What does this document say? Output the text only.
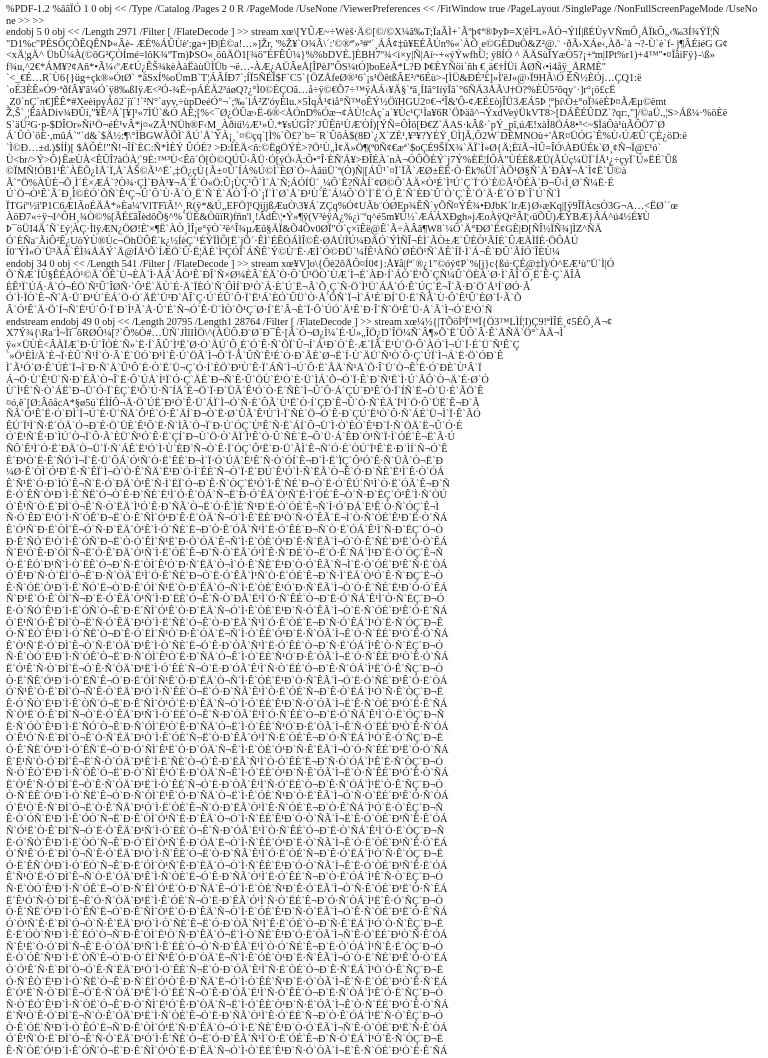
%PDF-1.2 %âãÏÓ 1 0 obj << /Type /Catalog /Pages 2 0 R /PageMode /UseNone /ViewerPreferences << /FitWindow true /PageLayout /SinglePage /NonFullScreenPageMode /UseNone >> >>
endobj 5 0 obj << /Length 2971 /Filter [ /FlateDecode ] >> stream xœ\[YÛÆ~÷Wèš·Ä©[©/©X¼ã‰T;ÏaÃÌ+`Ãºþ¢ª®ÞyÞ=X¦êÌ²L»ÃÓ¬ÝlÍ|ßÉÙyVÑmÔ¸ÅÏkÔ„‹‰3Í¾ŸÏ¦Ñ
"D1%c"PÈSÔÇÕÊQÊNÞ«Âè- ÆÉ%ÁÛÙè':ga+]Ð|È©a!…»]Žr, '%Ž¥`O¾Ã\´:'©®ª'»³#ª´¸ÁÂ¢‡û¥EÉÃÚn%«`ÀÕ¸e©GÈDuÖ&Z²@.¨ ·ðÃ›XÁe‹,Àð-`à ¬?-Ù`è`f- j¶ÂÉiéG G¢
<xÄ¦gÄ^ ÜbÛ¼À(©ôG²ÇÒÍmé=lôK¾ºTm)ÞSO«¸öûÄÖ1[¾ö"ÉFÊÛ¼}%%bDVÉ.]ÈBH7º¾<ì×y|Ñ|Aí~+«ýÝwfhÜ; ý8ÍÓ ^ ÄÄSùÎYæÒ5?¡+ªm|IPt%r1)+4™"•¤ÏåiFÿ}-\ß»
f¾u,^2€*ÁM¥?¢Añ*•Ã¼‹ºÆ¢Ú¿ÊŠ¾kèÀàËàùÜÌÜb ¬ë…-ÀÆ¿AÜÂeÅ[ÎPèJ"ÔS¼tÓ]boEéÃ*L?Ð Þ€ÈYÑöì`ñh €¸ä€†ÍÜi ÅØÑ‹•ì4åÿ_ÅRMÈ"
`<_€É…R`Ù6{}üg+çk®»ÓtØ` *ãSxÍ%oÜmB`T¦ÁÂÍÐ7`;ÍÏ5ÑÉÏ$F`C5`{ÖZÅfeØ®¹6`¡s¹ÖêtßÂE²/ª6Éù>-[ÌÜ&ÐÉ³£]»Ì'ëJ«@›Ï9HÃ\Ó ÉÑ½ÈÓj…ÇQ1:ë
`oÉ3ÈÊ»Ó9·ªðfÂ¥'â¼Ó`ÿ8‰ßIÿÆ<²Ó-¾Ë~pÁÈÄ2³áøQ?¿°Ì0©ÈÇOã…å÷ÿ©€Õ7÷™ÿÅÁ‹¥Ä§`ªã¸ÍIã°IíýÏâ`°6ÑÄ3ÅÃ\J†Ò?%ÈÛ5²õqy¨·]r°¡ö£cË
¸Z0`nÇ`π€]ÊÊ*#XeèipyÁô2`jï`!`²N°`ayv,÷ùpDeéÓ°¬`;‰´lÁ²Z'óyÈlu.×5ÌqÄ¹¢ìå°Ñ™oÊÝ½ÖïHGU2¤€¬ªÎ&'Ô-¢ÆÉ£òjÎÜ3ÆÁ5Þ ¦°þí\Ò±°oÏ¾èÈÞ¤ÃÆµ©ëmt
Ž,Š`¸¦ÊâÀDiv¾ÐÛí,"¥Ê^Ä`[¥]¹«7ÌÜ`&Ó ÅÉ;[%<¯Ø¿ÖÛæ›Ë-6®<ÅÓnD%Óæ¬¢ÀÙ!cÀç`a`¥Ùc¹Ç¹Ìa¥6R`ÖÞäã^¬ÝxdVeýÜkVT8>[DÁÊÉÛDZ`?qr:,"]/©aÜ.,¦S>Áß¼·%öÈë
S`äÜ²G·p-$DÎOr»Ñí¹Ö¬éÉ¹vÂ*j¤«ZÃ¹NÜh®F‹M_Àðiü½Æ¹»Û.*¥sÚGÎ?`JÛÊñ¹ÙÆ'ÒÍ)[ÝÑ=ÔÌö[Ð€Z`ÄAS·kÂß·`pÝ_pî,úÆ!xàÌ8ÖÁ8•³<~$ÏáÔà¹ùÃÔÖ7`Ø
Á`ÛÓ`öÈ·,mûÁ`"`d&`$Ä½:¶\°ÌBGWÃÕÌ`ÅÚ`Å`ÝÀ¡¸`¤©çq`[Ì%`Õ£?`b=`R`ÛõÀ$(8Ð`¿X`ZÉ¹,¥³¥?YÈŸ¸ÜÌ]Ã,Ô2W`DÈMNOù+'ÅR¤ÜÓG`Ê%Ù‹ÚÆÛ`ÇÈ¿öD:ë
`Ì©Ð…±d.)$ÍÍ)[ $ÅÔÉ!"Ñ!¬ÎÍ`ÈC:Ñ*ÌÈÝ ÛÓÉ? >Ð:ÍÈÄ<ñ:©ËgÖÝÈ>?Ö¹Ù„Ì¢Ä»Ö¶(ª0Ñ¢€æª`$oÇÉ9ŠÏX¾`ÄÏ`Ì»Ø{Ä;ÈïÃ¬ÌÛ=ÎÓ\ÀÐÜÉk`Ø¸¢Ñ¬Ï@£¹ó`
Ù<br/>Ý>Ô}ÊæÙÀ<ÊÛÎ?àÓÀ¦`9È:™³Ù<Êô´Ö[Ò©QÚÛ‹ÂÜ·Ó[ýÓ‹Ã:Ô•°Î·ÈÑ'Á¥>ÐÎÉÀ`nÀ¬ÓÔÕÈÝ`j7Ý%ÈË¦ÍÔÀ"ÙÉÈßÆÜ(ÃÚç¼ÜÏ`ÍÅ¹¿÷çyÏ`Ú»ËÉ`Ûß
©ÏMÑ!ÓB1¹Ê`ÀËÕ¿ÌÅ`Ï,Å`ÅŠ©Ã¹^Ë´,‡Ö¿çÙ{Ã±¤Ú`ÍÁ%Ú©Ì`ÈØ`Ó~ÀâüÜ`ª(Ò)Ñ|[ÁÛ¹`¤Ï`ÏÃ`ÆØ±ËÊ·Ò·Ëk%ÜÍ`ÀÕ¹Ø§Ñ`Ä´ÐÀ¥¬Å`Ì¢Ë`Û©à
Ã`"Ö%ÀÙÉ¬Õ¸Ì´É×ÆÁ`?Ò¾·ÇÌ`ÐÀ¹¥¬Å`Ë`Ò«Ö:Û¡ÙÇ¹Ô`Ì`À`Ñ;ÁÓÍÜ`¸¼Ô`Ê?ÑÀÍ`¢Ø©Ô`ÅÄ×Ò¹É`Ì³Ú`Ç`Ï¨Ó`È©Ã¹ÕÉÀ`Ð¬Û‹Ì¸Ø`Ñ¼Ë·É
Ú`Ö¬Ò¹Ê`Ã´Ð¸Ì©ÈÓ`ÕÑ`Ê¹Ç¬Û`Ô`Ù·Ã`Ò¸Ë`Ñ`É`ÄÒ`Î·Ö`¡Ï`Ì`Ø`Å`Ð¹Ù`Ê`Á¼Ô`Ö`Ï`Ë`Ó¸Ê`Ñ`ÈÐ`Û`Ò`Ç`É`Ö`Ä·Ë`Ó`Ð`Î`Ú`Ñ`Ì
ÏTGíº½i'P1C6ÆIÃoÉÄÅ*»Èa¼'VlTFïÃ!^¸R(ÿ*&Ú„EFÖ]¹QìjjßÆuÒ\3¥Á`ZÇq%Ó¢UÃb¨ÓØEp¾ÊÑ`yÕÑ¤ÝÊ¾•ÐJbK´lrÆ}Ø›æKq|[ÿ9ÎÏÀcsÒ3G¬A…<ËØ`´œ
ÀöÐ7«÷ÿ¬I^ÔH¸¾Ò©%[ÃÉ£ãÎèdôÕ§^%`ÜÉ&ÒûïR)fñn'l¸!ÂdÊ\¦•Ý»¶ÿ(V³èÿA¿%¿ì¨ºq^é5m¥Ù½`ÆÁÁXÐgh»jÆoÀÿQr²ÂI¦‹üÕÛ)ÆÝBÆ}ÂÁ^ú4½É¥Ù
Þ¯öÜI4Ä´Ñ`£ý¦ÀÇ·ÌlÿÆN¿ÖØ!È'×¶Ë`ÀÒ¸ÌÎ¡e°ÿÒ`²ë^Î¾µÆû§ÄÏ&Õ4Õv0ØÏ"Ò`ç×ïÊë@Ê`Ã÷ÀÂã¶W8`¼Ô`Ä°ÐØ`Ë¢GÈ|Ð[ÑÎ½ÏÑ¾]ÌZ^ÑÄ
Ó`ÈÑa¨ÃiÔ²Ê¿UòÝÙ®Ùc¬ÖhÜÔË`k¿½ÍèÇ`¹ÉÝÏÌÔ[Ë`jÕ´·ÊÌ`ÉÊÓÁÌÎ©Ê·ØÅÙÌÚ¼ÐÅÓ`ÝÌÑÎ¬ÈÌ`ÃÒ±Æ`ÛÈÒ¹ÃÍÉ`ÛÆÄÌÏÈ·ÖÔÅÚ
Í0¨ÝÌ«Ó`Ü³ÄÀ`ÊÌ¾ÅÄÝ`Å@ÍÅ¹Õ`ÍÆÖ`Û·Ë¦ÄÈ`Ì²ÇÓÏ`ÁÑÊ`Ý©Ù¨Ë·ÆÌ`Ó©ÐÜ`¼ÍÊ¹ÀÑÒ`ØÉÖ¹Ñ`ÅÊ`ÍÏ·Ì`Á¬Ê`ÐÛ`ÃÍÓ`ÎÈÙ¼
endobj 34 0 obj << /Length 541 /Filter [ /FlateDecode ] >> stream xœ¥V]o\{Ôè2ôÅÔ¤Í0¢}:Å¥å|fª`®¿1"©óý¢P`%[j}c{ßú·ÇÉ@‡Ì)/Ò^EÆ¹ù"Ü`Ì|Ó
Õ`ÑÆ`ÍÛ§ÊÉAÓ¹©Ä`ÖÊ`Ù¬ÈÀ`Ì·ÅÂ`ÃÒ¹Ê`ÐÎ`Ñ×Ø¼ÈÂ`ÉÄ`Ò·Ô`Û¹ÖÒ`ÙÆ`Ì¬É`ÀÐ·Í`ÁÓ`Ë¹Õ`ÇÑ¼Û`ÖÈÀ`Ø·Ì`ÂÍ`Ô¸Ë`Ê·Ç`ÄÎÃ
ÈÊ¹Ï`ÚÁ·Å`Ó¬ÉÖ`Ñ¹Û`ÎØÑ·`Ô¹Ë`ÄÙ`É·Ä`ÏÈÓ`Ñ`ÔÌÍ`Ð¹Ò`Á·È`Ú`Ë¬Ã`Õ¸Ç`Ñ·Ö`Ì¹Ü`ÁÅ`Ó·Ê`ÚÇ`Ë¬Î`Ã·Ð`Ö`Å¹Í`ØÓ·Ã
Ó`Ì·ÏÒ`Ê¬Ñ`Å·Ü`Ð¹Ù`ÈÁ`Ö·Ó`ÄË`Ü¹Ð`ÅÎ`Ç·Ú`ÉÛ`Ô·Ï`Ë¹Á`ÈÓ`ÛÜ`Ò·Å`ÖÑ`Ï¬Ì`Á¹É`ÐÍ`Ü·Ë`ÑÃ`Ù·Ô`Ê¹Û`ÈØ`Ï·Ã`Õ
Â`Ó¹Ê`Ä·Ö`Í¬Ñ`Ë¹Ú`Ô·Ï`Ð`Ì¹Ã`Å·Û`É`Ñ¬Ó`Ê·Ü`ÌÒ`Õ¹Ç`Ø·Í`Ë`Â¬È`Ï·Ô`ÚÓ`Ä¹Ê`Ð·Î`Ñ`Ö¹Ê`Ü·Å`Ã`Ì¬Ó`Ë¹Ò`Ñ
endstream endobj 49 0 obj << /Length 20795 /Length1 28764 /Filter [ /FlateDecode ] >> stream xœ¼½{|TÕöÏ³Ï™Ï{Ö3™LÌÍ¦I)Ç9!ªÌÎÉ¸¢5ÉÔ¸Ä¬¢
X7Ý¾{\Ra¨Ì~Ïî¯ôRØÔ¼[?`Ô%Ò#…ÜÑ`JÌlIÌÖ\^(ÀÜÔ.Ð¨Ø`Ð¯Ê·[Ã`Ó¬Ø¿Ì¼`É·Ú»„ÎÖ¿D`ÎÖ¼Ñ`Â¶»Õ`Ë´ÛÔ`Â·Ê`ÅÑÄ`Ö°`ÀÄ¬Ì
ÿ«×ÜÙÈ<ÂÀÏÆ`Ð·Ù`ÎÒÉ`Ñ»`Ë·Í`ÂÛ`Ì¹Ë`Ø·Ò`ÄÚ`Ô¸È`Ó`Ê·Ñ`ÕÏ`Û¬Í`Á¹Ð`Ò`Ê·Æ`ÏÃ`Ë¹Ù`Ö·Ô`ÀÓ`Ì¬Ú`Ï·É`Ü`Ñ¹Ê`Ç
`»Ö¹ÈÌ/Ä`È¬Ï·ÈÛ`Ñ¹Í`Ò·Â`Ë`ÜÓ`Ð¹Ì`Ê·Ú`ÖÃ`Ì¬Ô`Ï·Å`ÛÑ`Ê¹É`Ó·Ð`ÃÈ`Ø¬Ë`Í·Ù`ÄÜ`Ñ¹Ò`Ô·Ç`ÚÏ`Ì¬Á`Ë·Ö`ÓÐ`Ê
Ì`Ã¹Ó`Ø·Ê`ÚÉ`Ï¬Ì`Ð·Ñ`Ä`Û¹Ô`É·Ò`Ë`Ü¬Ç`Ó·Í`ÈÖ`Ð¹Ù`Ê·Ï`ÁÑ`Ì¬Ú`Ô·Ë`ÃÄ`Ñ¹Å`Õ·Î`Ü`Ò¬Ê`Ë·Ó`ÐÈ`Ù¹Â`Ï
Á¬Ö·Ù`Ê¹Ü`Ñ·Ð`ÈÃ`Ò¬Î`Ë·Ô`ÚÅ`Ì¹Ï`Ó·Ç`ÄÉ`Ð¬Ñ`Ê·Û`ÖÙ`Ë¹Ò`È·Ü`ÌÁ`Õ¬Ó`Ï·Ê`Ð`Ñ¹Ë`Ì·Ú`ÃÔ`Ò¬Ä`É·Ø`Ó
Ù`Ì¹Ê`Ñ·Ò`ÁË`Ð¬Ü`Ó·Ï`ÈÇ`Ë¹Ô`Ú·Ñ`ÍÄ`É¬Ö`Ï·Ð`ÜÃ`Ê¹Ó`Ò·Ë`ÑÈ`Ì¬Û`Ô·Á`ÇÙ`Ð¹Ê`Ó·Ï`ÍÑ`Ë¬Ò`Ü·É`ÃÖ`Ê
¤ó,ê`[Ø:ÂõåcA*§ø5ú`ÉÌÍÔ¬Ä·Ö`ÚË`Ð¹Ò`Ê·Ü`ÁÏ`Ì¬Ó`Ñ·È`ÔÃ`Ù¹Ë`Ò·Í`ÇÐ`Ê¬Û`Ó·Ñ`ÈÄ`Ï¹Ì`Ö·Ô`ÜË`Ê¬Ð`Ã
ÑÃ`Ò¹Ê`Ë·Ó`ÐÌ`Ï¬Ú`È·Ü`ÑÅ`Ô¹É`Ó·Ê`ÄÍ`Ð¬Ò`Ë·Ø`ÛÃ`Ê¹Ù`Ì·Ï`ÑÈ`Ö¬Ó`Ê·Ð`ÇÚ`Ë¹Ò`Ô·Ñ`ÁÉ`Ü¬Ì`Ï·Ê`ÃÓ
ÊÚ`Ï¹Ì`Ñ·Ë`ÒÄ`Ó¬Ð`É·Ö`ÜÈ`Ê¹Ô`Ë·Ñ`ÌÃ`Ò¬Ï`Ð·Ú`ÓÇ`Ù¹Ê`Ñ·Ë`ÁÍ`Ô¬Ü`Ì·Ò`ÈÓ`Ê¹Ð`Ï·Ñ`ÖÄ`Ë¬Û`Ó·É
Ó`Ë¹Ñ`Ê·Ð`ÌÚ`Ò¬Ï`Ô·Ã`ÈÜ`Ñ¹Ó`Ê·Ë`ÇÍ`Ð¬Ù`Ö·Ò`ÄÏ`Ì¹Ê`Ó·Û`ÑÈ`Ë¬Ô`Ü·Á`ÊÐ`Ò¹Ñ`Ï·Ì`ÓÉ`Ê¬Ë`Ã·Ú
ÑÔ`Ê¹Ì`Ó·Ë`ÐÄ`Ò¬Ü`Ï·Ñ`ÁÊ`Ë¹Ó`Ì·Ù`ÈÐ`Ñ¬Ò`Ê·Ï`ÓÇ`Ô¹Ë`Ð·Ü`ÃÌ`Ê¬Ñ`Ó·É`ÒÚ`Ï¹Ê`Ë·Ð`ÌÍ`Ñ¬Ó`Ê
È`Ð¹Ò`Ë·Ê`ÑÓ`Ì¬Ï`Ê·Ü`ÔÁ`Ó¹Ñ`Ò·Ë`ÊÈ`Ð¬Ì`Ï·Ó`ÚÄ`Ë¹Ê`Ñ·Ò`ÓÍ`Ê¬Ð`Ì·Ë`ÏÇ`Ô¹Ó`Ê·Ñ`ÜÃ`Ò¬Ë`Ð
¼Ø·Ê`ÒÌ`Ó¹Ð`Ë·Ñ`ÊÏ`Ì¬Ó`Ò·Ê`ÑÄ`Ë¹Ð`Ó·Ì`ÊÉ`Ñ¬Ò`Ï·Ë`ÐÚ`Ê¹Ó`Ì·Ñ`ËÃ`Ò¬Ê`Ó·Ð`ÑÈ`Ë¹Ì`Ê·Ò`ÓÁ
Ê`Ñ¹Ë`Ó·Ð`ÌÒ`Ê¬Ñ`Ë·Ó`ÐÄ`Ò¹Ê`Ñ·Ì`ËÏ`Ó¬Ð`Ê·Ñ`ÒÇ`Ë¹Ó`Ì·Ê`ÑÉ`Ð¬Ò`Ë·Ó`ÊÚ`Ñ¹Ì`Ò·Ë`ÓÃ`Ê¬Ð`Ñ
Ë·Ó`ÊÑ`Ò¹Ð`Ì·Ê`ÑË`Ó¬Ò`Ê·Ð`ÑÈ`Ë¹Ì`Ó·Ê`ÒÁ`Ñ¬Ë`Ð·Ó`ÊÄ`Ò¹Ñ`Ë·Ì`ÓÉ`Ê¬Ò`Ñ·Ð`ËÇ`Ó¹Ê`Ì·Ñ`ÒÚ
Ó`Ê¹Ñ`Ò·Ë`ÐÌ`Ó¬Ê`Ñ·Ò`ËÄ`Ì¹Ó`Ê·Ð`ÑÃ`Ò¬Ë`Ó·Ê`ÌÈ`Ñ¹Ð`Ë·Ò`ÓÉ`Ê¬Ñ`Ì·Ó`ÐÁ`Ë¹Ê`Ò·Ñ`ÓÇ`Ê¬Ì
Ñ·Ó`ÊÐ`Ë¹Ò`Ì·Ñ`ÓÊ`Ð¬Ë`Ò·Ê`ÑÌ`Ó¹Ð`Ê·Ë`ÒÄ`Ñ¬Ó`Ì·Ê`ËÈ`Ð¹Ò`Ñ·Ó`ÊÃ`Ë¬Ì`Ò·Ñ`ÓÉ`Ê¹Ð`Ë·Ò`ÑÁ
Ê`Ó¹Ñ`Ð·Ë`ÒÌ`Ê¬Ó`Ñ·Ð`ËÄ`Ò¹Ê`Ì·Ó`ÑÈ`Ë¬Ð`Ò·Ê`ÓÃ`Ñ¹Ì`Ë·Ó`ÊÉ`Ð¬Ñ`Ò·Ë`ÓÁ`Ê¹Ì`Ñ·Ð`ËÇ`Ó¬Ò
Ð·Ê`ÑÓ`Ë¹Ò`Ì·Ê`ÓÑ`Ð¬Ë`Ò·Ó`ÊÌ`Ñ¹Ë`Ð·Ò`ÓÄ`Ê¬Ñ`Ì·Ë`ÒÈ`Ó¹Ð`Ê·Ñ`ËÃ`Ì¬Ó`Ò·Ê`ÑÉ`Ð¹Ë`Ó·Ò`ÊÁ
Ñ`Ë¹Ó`Ê·Ð`ÒÌ`Ñ¬Ë`Ó·Ê`ÐÄ`Ò¹Ñ`Ì·Ë`ÓÈ`Ê¬Ð`Ñ·Ò`ËÃ`Ó¹Ì`Ê·Ñ`ÐÉ`Ò¬Ë`Ó·Ê`ÑÁ`Ì¹Ð`Ë·Ò`ÓÇ`Ê¬Ñ
Ò·Ë`ÊÓ`Ð¹Ñ`Ì·Ò`ËÊ`Ó¬Ð`Ñ·Ë`ÒÌ`Ê¹Ó`Ð·Ñ`ËÄ`Ò¬Ì`Ó·Ê`ÑÈ`Ë¹Ð`Ò·Ó`ÊÃ`Ñ¬Ì`Ë·Ò`ÓÉ`Ð¹Ê`Ñ·Ë`ÒÁ
Ó`Ê¹Ð`Ñ·Ò`ËÌ`Ó¬Ê`Ð·Ñ`ÒÄ`Ë¹Ì`Ó·Ê`ÑÈ`Ð¬Ò`Ë·Ó`ÊÃ`Ì¹Ñ`Ò·Ë`ÓÉ`Ê¬Ð`Ñ·Ì`ËÁ`Ò¹Ó`Ê·Ñ`ÐÇ`Ë¬Ò
Ê·Ñ`ÓË`Ò¹Ð`Ì·Ê`ÑÓ`Ë¬Ò`Ð·Ê`ÓÌ`Ñ¹Ë`Ò·Ð`ÊÄ`Ó¬Ñ`Ì·Ë`ÒÈ`Ê¹Ó`Ð·Ñ`ËÃ`Ì¬Ò`Ó·Ê`ÑÉ`Ë¹Ð`Ò·Ó`ÊÁ
Ñ`Ð¹Ë`Ó·Ê`ÒÌ`Ñ¬Ð`Ë·Ó`ÊÄ`Ò¹Ñ`Ì·Ð`ËÈ`Ó¬Ê`Ñ·Ò`ÐÃ`Ë¹Ì`Ó·Ñ`ÊÉ`Ò¬Ð`Ë·Ó`ÑÁ`Ê¹Ì`Ò·Ñ`ËÇ`Ð¬Ó
Ë·Ò`ÑÓ`Ê¹Ð`Ì·Ë`ÓÑ`Ò¬Ê`Ð·Ë`ÑÌ`Ó¹Ê`Ò·Ð`ËÄ`Ñ¬Ó`Ì·Ê`ÒÈ`Ë¹Ð`Ñ·Ó`ÊÃ`Ì¬Ò`Ë·Ñ`ÓÉ`Ð¹Ê`Ò·Ë`ÑÁ
Ò`Ë¹Ñ`Ó·Ê`ÐÌ`Ò¬Ë`Ñ·Ó`ÊÄ`Ð¹Ò`Ì·Ë`ÑÈ`Ó¬Ê`Ò·Ð`ËÃ`Ñ¹Ì`Ó·Ê`ÒÉ`Ë¬Ð`Ñ·Ó`ÊÁ`Ì¹Ò`Ë·Ñ`ÓÇ`Ð¬Ê
Ó·Ñ`ËÒ`Ê¹Ð`Ì·Ó`ÑË`Ò¬Ð`Ê·Ó`ËÌ`Ñ¹Ò`Ð·Ê`ÓÄ`Ë¬Ñ`Ì·Ò`ÊÈ`Ó¹Ð`Ë·Ñ`ÒÃ`Ì¬Ê`Ó·Ñ`ËÉ`Ð¹Ò`Ê·Ó`ÑÁ
Ê`Ò¹Ñ`Ë·Ó`ÐÌ`Ê¬Ò`Ñ·Ë`ÓÄ`Ð¹Ê`Ì·Ò`ÑÈ`Ë¬Ó`Ê·Ð`ÒÃ`Ñ¹Ì`Ë·Ó`ÊÉ`Ò¬Ð`Ñ·Ë`ÓÁ`Ì¹Ê`Ò·Ñ`ËÇ`Ð¬Ó
Ñ·Ê`ÒÓ`Ë¹Ð`Ì·Ñ`ÓÊ`Ò¬Ë`Ð·Ñ`ÓÌ`Ê¹Ò`Ë·Ð`ÑÄ`Ó¬Ê`Ì·Ò`ËÈ`Ñ¹Ó`Ð·Ê`ÒÃ`Ì¬Ë`Ó·Ñ`ÊÉ`Ð¹Ò`Ë·Ó`ÑÁ
Ë`Ó¹Ê`Ñ·Ò`ÐÌ`Ë¬Ó`Ê·Ñ`ÒÄ`Ð¹Ë`Ì·Ó`ÊÈ`Ñ¬Ò`Ë·Ð`ÓÃ`Ê¹Ì`Ñ·Ò`ËÉ`Ó¬Ð`Ê·Ñ`ÒÁ`Ì¹Ë`Ó·Ê`ÑÇ`Ð¬Ò
Ò·Ë`ÑÊ`Ó¹Ð`Ì·Ò`ËÑ`Ê¬Ó`Ð·Ë`ÒÌ`Ñ¹Ê`Ó·Ð`ËÄ`Ò¬Ñ`Ì·Ê`ÓÈ`Ë¹Ð`Ò·Ñ`ÊÃ`Ì¬Ó`Ë·Ò`ÑÉ`Ð¹Ê`Ó·Ë`ÒÁ
Ó`Ñ¹Ê`Ò·Ë`ÐÌ`Ó¬Ñ`Ê·Ò`ËÄ`Ð¹Ó`Ì·Ñ`ÊÈ`Ò¬Ë`Ó·Ð`ÑÃ`Ê¹Ì`Ò·Ë`ÓÉ`Ñ¬Ð`Ê·Ò`ËÁ`Ì¹Ó`Ñ·Ê`ÒÇ`Ð¬Ë
Ê·Ó`ÑÒ`Ë¹Ð`Ì·Ê`ÒÑ`Ó¬Ë`Ð·Ê`ÑÌ`Ò¹Ó`Ë·Ð`ÊÄ`Ñ¬Ò`Ì·Ó`ËÈ`Ê¹Ð`Ñ·Ò`ÓÃ`Ì¬Ë`Ê·Ñ`ÒÉ`Ð¹Ó`Ë·Ê`ÑÁ
Ñ`Ò¹Ë`Ó·Ê`ÐÌ`Ñ¬Ò`Ë·Ó`ÊÄ`Ð¹Ñ`Ì·Ò`ËÈ`Ó¬Ê`Ñ·Ð`ÒÃ`Ë¹Ì`Ó·Ñ`ÊÉ`Ò¬Ð`Ë·Ó`ÑÁ`Ê¹Ì`Ò·Ë`ÓÇ`Ð¬Ñ
Ë·Ñ`ÓÒ`Ê¹Ð`Ì·Ë`ÑÓ`Ò¬Ê`Ð·Ñ`ÓÌ`Ë¹Ò`Ê·Ð`ÑÄ`Ó¬Ë`Ì·Ò`ÊÈ`Ñ¹Ó`Ð·Ë`ÒÃ`Ì¬Ê`Ñ·Ó`ËÉ`Ð¹Ò`Ê·Ñ`ÓÁ
Ò`Ê¹Ó`Ñ·Ë`ÐÌ`Ò¬Ê`Ó·Ñ`ËÄ`Ð¹Ò`Ì·Ê`ÓÈ`Ñ¬Ë`Ò·Ð`ÊÃ`Ó¹Ì`Ñ·Ë`ÒÉ`Ê¬Ð`Ó·Ñ`ËÁ`Ì¹Ò`Ê·Ó`ÑÇ`Ð¬Ë
Ó·Ê`ÑË`Ò¹Ð`Ì·Ó`ÊÑ`Ë¬Ò`Ð·Ó`ÑÌ`Ê¹Ë`Ò·Ð`ÓÄ`Ñ¬Ê`Ì·Ë`ÒÈ`Ó¹Ð`Ñ·Ê`ËÃ`Ì¬Ò`Ó·Ñ`ÊÉ`Ð¹Ë`Ò·Ó`ÑÁ
Ê`Ë¹Ñ`Ò·Ó`ÐÌ`Ê¬Ë`Ñ·Ò`ÓÄ`Ð¹Ê`Ì·Ë`ÑÈ`Ò¬Ó`Ê·Ð`ËÃ`Ñ¹Ì`Ò·Ó`ÊÉ`Ë¬Ð`Ñ·Ò`ÓÁ`Ì¹Ê`Ë·Ñ`ÒÇ`Ð¬Ó
Ñ·Ò`ÊÓ`Ë¹Ð`Ì·Ñ`ÒÊ`Ó¬Ë`Ð·Ò`ÑÌ`Ê¹Ó`Ë·Ð`ÒÄ`Ñ¬Ê`Ì·Ó`ËÈ`Ò¹Ð`Ñ·Ê`ÓÃ`Ì¬Ë`Ò·Ñ`ÊÉ`Ð¹Ó`Ë·Ò`ÑÁ
Ë`Ò¹Ê`Ñ·Ó`ÐÌ`Ë¬Ò`Ê·Ñ`ÓÄ`Ð¹Ë`Ì·Ò`ÊÈ`Ñ¬Ó`Ë·Ð`ÒÃ`Ê¹Ì`Ñ·Ó`ËÉ`Ò¬Ð`Ê·Ñ`ÓÁ`Ì¹Ë`Ò·Ê`ÑÇ`Ð¬Ó
Ò·Ñ`ËÊ`Ó¹Ð`Ì·Ò`ÑË`Ê¬Ó`Ð·Ñ`ÒÌ`Ë¹Ê`Ó·Ð`ÑÄ`Ò¬Ë`Ì·Ê`ÓÈ`Ñ¹Ð`Ò·Ë`ÊÃ`Ì¬Ó`Ñ·Ò`ËÉ`Ð¹Ê`Ó·Ñ`ÒÁ
Ó`Ë¹Ò`Ê·Ñ`ÐÌ`Ó¬Ë`Ò·Ê`ÑÄ`Ð¹Ó`Ì·Ë`ÒÈ`Ê¬Ñ`Ó·Ð`ËÃ`Ò¹Ì`Ê·Ñ`ÓÉ`Ë¬Ð`Ò·Ê`ÑÁ`Ì¹Ó`Ë·Ò`ÊÇ`Ð¬Ñ
Ê·Ò`ÓÑ`Ë¹Ð`Ì·Ê`ÓÒ`Ñ¬Ë`Ð·Ê`ÒÌ`Ó¹Ñ`Ë·Ð`ÊÄ`Ò¬Ó`Ì·Ñ`ËÈ`Ê¹Ð`Ó·Ò`ÑÃ`Ì¬Ë`Ê·Ó`ÒÉ`Ð¹Ñ`Ë·Ê`ÓÁ
Ñ`Ó¹Ë`Ò·Ê`ÐÌ`Ñ¬Ó`Ë·Ò`ÊÄ`Ð¹Ñ`Ì·Ó`ËÈ`Ò¬Ê`Ñ·Ð`ÓÃ`Ë¹Ì`Ò·Ñ`ÊÉ`Ó¬Ð`Ë·Ò`ÑÁ`Ê¹Ì`Ó·Ë`ÒÇ`Ð¬Ñ
Ë·Ó`ÑÒ`Ê¹Ð`Ì·Ë`ÒÓ`Ñ¬Ê`Ð·Ó`ËÌ`Ò¹Ñ`Ê·Ð`ÓÄ`Ë¬Ò`Ì·Ñ`ÊÈ`Ó¹Ð`Ë·Ò`ÑÃ`Ì¬Ê`Ó·Ë`ÒÉ`Ð¹Ñ`Ê·Ó`ËÁ
Ò`Ñ¹Ê`Ó·Ë`ÐÌ`Ò¬Ñ`Ê·Ó`ËÄ`Ð¹Ò`Ì·Ñ`ÊÈ`Ó¬Ë`Ò·Ð`ÑÃ`Ê¹Ì`Ó·Ë`ÒÉ`Ñ¬Ð`Ê·Ó`ËÁ`Ì¹Ò`Ñ·Ê`ÓÇ`Ð¬Ë
Ó·Ë`ÊÑ`Ò¹Ð`Ì·Ó`ËÒ`Ñ¬Ê`Ð·Ë`ÓÌ`Ò¹Ñ`Ê·Ð`ËÄ`Ó¬Ò`Ì·Ñ`ÊÈ`Ë¹Ð`Ó·Ò`ÑÃ`Ì¬Ê`Ë·Ó`ÒÉ`Ð¹Ñ`Ê·Ë`ÓÁ
Ê`Ñ¹Ò`Ë·Ó`ÐÌ`Ê¬Ñ`Ò·Ë`ÓÄ`Ð¹Ê`Ì·Ñ`ÒÈ`Ë¬Ó`Ê·Ð`ÑÃ`Ò¹Ì`Ë·Ó`ÊÉ`Ñ¬Ð`Ò·Ë`ÓÁ`Ì¹Ê`Ñ·Ò`ËÇ`Ð¬Ó
Ñ·Ë`ÒÓ`Ê¹Ð`Ì·Ñ`ÓÊ`Ë¬Ò`Ð·Ñ`ÊÌ`Ó¹Ë`Ò·Ð`ÑÄ`Ê¬Ó`Ì·Ë`ÒÈ`Ñ¹Ð`Ê·Ó`ËÃ`Ì¬Ò`Ñ·Ê`ÓÉ`Ð¹Ë`Ò·Ñ`ÊÁ
Ë`Ê¹Ó`Ñ·Ò`ÐÌ`Ë¬Ê`Ó·Ñ`ÒÄ`Ð¹Ë`Ì·Ê`ÓÈ`Ñ¬Ò`Ë·Ð`ÊÃ`Ó¹Ì`Ñ·Ò`ËÉ`Ê¬Ð`Ó·Ñ`ÒÁ`Ì¹Ë`Ê·Ó`ÑÇ`Ð¬Ò
Ò·Ê`ÑË`Ó¹Ð`Ì·Ò`ÊÑ`Ë¬Ó`Ð·Ê`ÑÌ`Ò¹Ë`Ó·Ð`ÊÄ`Ñ¬Ò`Ì·Ë`ÓÈ`Ê¹Ð`Ñ·Ò`ËÃ`Ì¬Ó`Ê·Ñ`ÒÉ`Ð¹Ë`Ó·Ê`ÑÁ
Ó`Ò¹Ñ`Ê·Ë`ÐÌ`Ó¬Ò`Ñ·Ê`ËÄ`Ð¹Ó`Ì·Ò`ÑÈ`Ê¬Ë`Ó·Ð`ÒÃ`Ñ¹Ì`Ê·Ë`ÓÉ`Ò¬Ð`Ñ·Ê`ËÁ`Ì¹Ó`Ò·Ñ`ÊÇ`Ð¬Ë
Ê·Ë`ÓÒ`Ñ¹Ð`Ì·Ê`ËÓ`Ò¬Ñ`Ð·Ê`ÓÌ`Ë¹Ò`Ñ·Ð`ÊÄ`Ó¬Ë`Ì·Ò`ÑÈ`Ê¹Ð`Ó·Ë`ÒÃ`Ì¬Ñ`Ê·Ó`ËÉ`Ð¹Ò`Ñ·Ê`ÓÁ
Ñ`Ê¹Ë`Ò·Ó`ÐÌ`Ñ¬Ê`Ë·Ò`ÓÄ`Ð¹Ñ`Ì·Ê`ËÈ`Ò¬Ó`Ñ·Ð`ÊÃ`Ë¹Ì`Ò·Ó`ÑÉ`Ê¬Ð`Ë·Ò`ÓÁ`Ì¹Ñ`Ê·Ë`ÒÇ`Ð¬Ó
Ë·Ò`ÓÊ`Ñ¹Ð`Ì·Ë`ÒÑ`Ê¬Ó`Ð·Ò`ËÌ`Ñ¹Ê`Ó·Ð`ÒÄ`Ë¬Ñ`Ì·Ê`ÓÈ`Ò¹Ð`Ë·Ñ`ÊÃ`Ì¬Ó`Ò·Ë`ÑÉ`Ð¹Ê`Ó·Ò`ËÁ
Ò`Ó¹Ê`Ñ·Ë`ÐÌ`Ò¬Ó`Ê·Ñ`ËÄ`Ð¹Ò`Ì·Ó`ÊÈ`Ñ¬Ë`Ò·Ð`ÓÃ`Ê¹Ì`Ñ·Ë`ÒÉ`Ó¬Ð`Ê·Ñ`ËÁ`Ì¹Ò`Ó·Ê`ÑÇ`Ð¬Ë
Ó·Ñ`ÊÒ`Ë¹Ð`Ì·Ó`ÑË`Ò¬Ê`Ð·Ñ`ËÌ`Ó¹Ò`Ê·Ð`ÑÄ`Ë¬Ó`Ì·Ò`ÊÈ`Ñ¹Ð`Ë·Ó`ÒÃ`Ì¬Ê`Ñ·Ë`ÓÉ`Ð¹Ò`Ê·Ñ`ËÁ
Ê`Ó¹Ë`Ñ·Ò`ÐÌ`Ê¬Ó`Ë·Ñ`ÒÄ`Ð¹Ê`Ì·Ó`ËÈ`Ñ¬Ò`Ê·Ð`ÓÃ`Ë¹Ì`Ñ·Ò`ÊÉ`Ó¬Ð`Ë·Ñ`ÒÁ`Ì¹Ê`Ó·Ë`ÑÇ`Ð¬Ò
Ñ·Ò`ËÓ`Ê¹Ð`Ì·Ñ`ÒË`Ó¬Ê`Ð·Ò`ÑÌ`Ë¹Ó`Ê·Ð`ÒÄ`Ñ¬Ë`Ì·Ó`ÊÈ`Ò¹Ð`Ñ·Ë`ÓÃ`Ì¬Ê`Ò·Ñ`ËÉ`Ð¹Ó`Ê·Ò`ÑÁ
Ë`Ñ¹Ò`Ê·Ó`ÐÌ`Ë¬Ñ`Ò·Ê`ÓÄ`Ð¹Ë`Ì·Ñ`ÒÈ`Ê¬Ó`Ë·Ð`ÑÃ`Ò¹Ì`Ê·Ó`ËÉ`Ñ¬Ð`Ò·Ê`ÓÁ`Ì¹Ë`Ñ·Ò`ÊÇ`Ð¬Ó
Ò·Ê`ÓË`Ñ¹Ð`Ì·Ò`ÊÓ`Ë¬Ñ`Ð·Ê`ÒÌ`Ó¹Ë`Ñ·Ð`ÊÄ`Ò¬Ó`Ì·Ë`ÑÈ`Ê¹Ð`Ò·Ó`ËÃ`Ì¬Ñ`Ê·Ò`ÓÉ`Ð¹Ë`Ñ·Ê`ÒÁ
Ó`Ê¹Ñ`Ò·Ë`ÐÌ`Ó¬Ê`Ñ·Ò`ËÄ`Ð¹Ó`Ì·Ê`ÑÈ`Ò¬Ë`Ó·Ð`ÊÃ`Ñ¹Ì`Ò·Ë`ÓÉ`Ê¬Ð`Ñ·Ò`ËÁ`Ì¹Ó`Ê·Ñ`ÒÇ`Ð¬Ë
Ê·Ñ`ÒË`Ó¹Ð`Ì·Ê`ÓÑ`Ò¬Ë`Ð·Ê`ÑÌ`Ó¹Ò`Ë·Ð`ÊÄ`Ñ¬Ó`Ì·Ò`ËÈ`Ê¹Ð`Ñ·Ó`ÒÃ`Ì¬Ë`Ê·Ñ`ÓÉ`Ð¹Ò`Ë·Ê`ÑÁ
